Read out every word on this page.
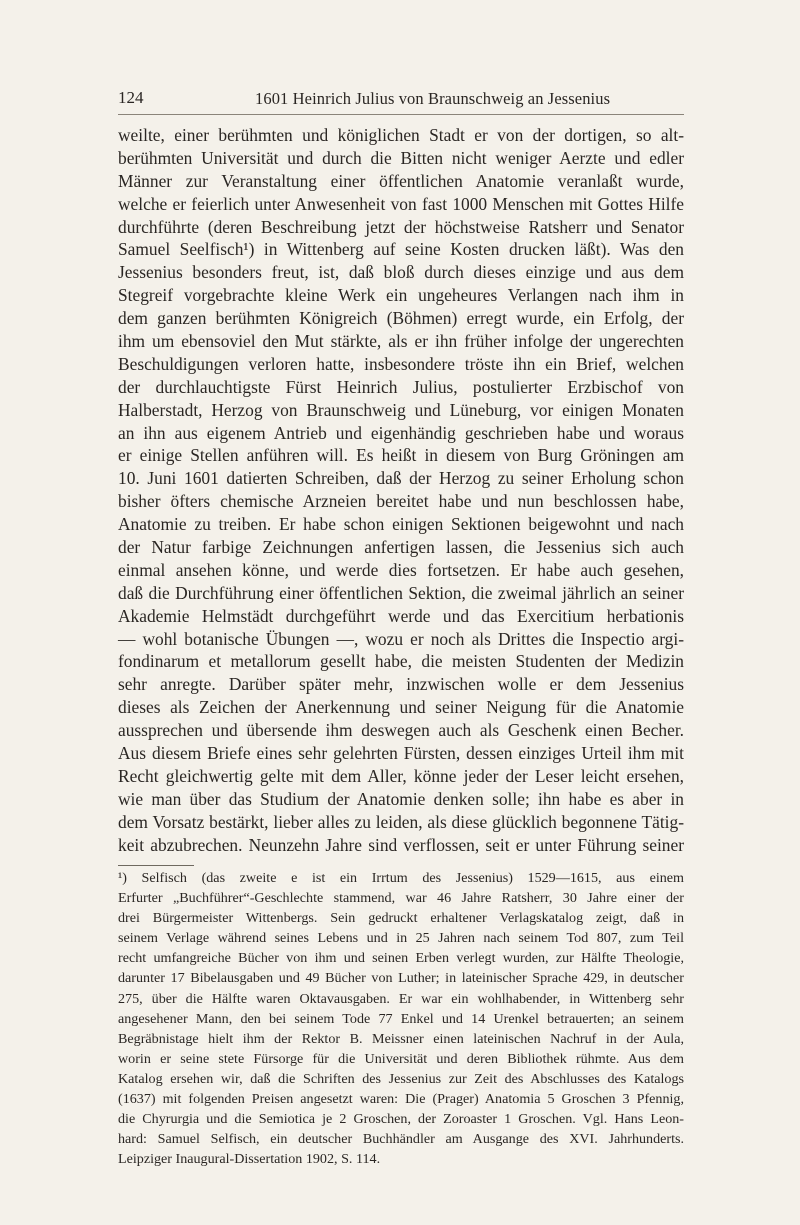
124	1601 Heinrich Julius von Braunschweig an Jessenius
weilte, einer berühmten und königlichen Stadt er von der dortigen, so alt-
berühmten Universität und durch die Bitten nicht weniger Aerzte und edler
Männer zur Veranstaltung einer öffentlichen Anatomie veranlaßt wurde,
welche er feierlich unter Anwesenheit von fast 1000 Menschen mit Gottes Hilfe
durchführte (deren Beschreibung jetzt der höchstweise Ratsherr und Senator
Samuel Seelfisch¹) in Wittenberg auf seine Kosten drucken läßt). Was den
Jessenius besonders freut, ist, daß bloß durch dieses einzige und aus dem
Stegreif vorgebrachte kleine Werk ein ungeheures Verlangen nach ihm in
dem ganzen berühmten Königreich (Böhmen) erregt wurde, ein Erfolg, der
ihm um ebensoviel den Mut stärkte, als er ihn früher infolge der ungerechten
Beschuldigungen verloren hatte, insbesondere tröste ihn ein Brief, welchen
der durchlauchtigste Fürst Heinrich Julius, postulierter Erzbischof von
Halberstadt, Herzog von Braunschweig und Lüneburg, vor einigen Monaten
an ihn aus eigenem Antrieb und eigenhändig geschrieben habe und woraus
er einige Stellen anführen will. Es heißt in diesem von Burg Gröningen am
10. Juni 1601 datierten Schreiben, daß der Herzog zu seiner Erholung schon
bisher öfters chemische Arzneien bereitet habe und nun beschlossen habe,
Anatomie zu treiben. Er habe schon einigen Sektionen beigewohnt und nach
der Natur farbige Zeichnungen anfertigen lassen, die Jessenius sich auch
einmal ansehen könne, und werde dies fortsetzen. Er habe auch gesehen,
daß die Durchführung einer öffentlichen Sektion, die zweimal jährlich an seiner
Akademie Helmstädt durchgeführt werde und das Exercitium herbationis
— wohl botanische Übungen —, wozu er noch als Drittes die Inspectio argi-
fondinarum et metallorum gesellt habe, die meisten Studenten der Medizin
sehr anregte. Darüber später mehr, inzwischen wolle er dem Jessenius
dieses als Zeichen der Anerkennung und seiner Neigung für die Anatomie
aussprechen und übersende ihm deswegen auch als Geschenk einen Becher.
Aus diesem Briefe eines sehr gelehrten Fürsten, dessen einziges Urteil ihm mit
Recht gleichwertig gelte mit dem Aller, könne jeder der Leser leicht ersehen,
wie man über das Studium der Anatomie denken solle; ihn habe es aber in
dem Vorsatz bestärkt, lieber alles zu leiden, als diese glücklich begonnene Tätig-
keit abzubrechen. Neunzehn Jahre sind verflossen, seit er unter Führung seiner
¹) Selfisch (das zweite e ist ein Irrtum des Jessenius) 1529—1615, aus einem
Erfurter „Buchführer“-Geschlechte stammend, war 46 Jahre Ratsherr, 30 Jahre einer der
drei Bürgermeister Wittenbergs. Sein gedruckt erhaltener Verlagskatalog zeigt, daß in
seinem Verlage während seines Lebens und in 25 Jahren nach seinem Tod 807, zum Teil
recht umfangreiche Bücher von ihm und seinen Erben verlegt wurden, zur Hälfte Theologie,
darunter 17 Bibelausgaben und 49 Bücher von Luther; in lateinischer Sprache 429, in deutscher
275, über die Hälfte waren Oktavausgaben. Er war ein wohlhabender, in Wittenberg sehr
angesehener Mann, den bei seinem Tode 77 Enkel und 14 Urenkel betrauerten; an seinem
Begräbnistage hielt ihm der Rektor B. Meissner einen lateinischen Nachruf in der Aula,
worin er seine stete Fürsorge für die Universität und deren Bibliothek rühmte. Aus dem
Katalog ersehen wir, daß die Schriften des Jessenius zur Zeit des Abschlusses des Katalogs
(1637) mit folgenden Preisen angesetzt waren: Die (Prager) Anatomia 5 Groschen 3 Pfennig,
die Chyrurgia und die Semiotica je 2 Groschen, der Zoroaster 1 Groschen. Vgl. Hans Leon-
hard: Samuel Selfisch, ein deutscher Buchhändler am Ausgange des XVI. Jahrhunderts.
Leipziger Inaugural-Dissertation 1902, S. 114.
